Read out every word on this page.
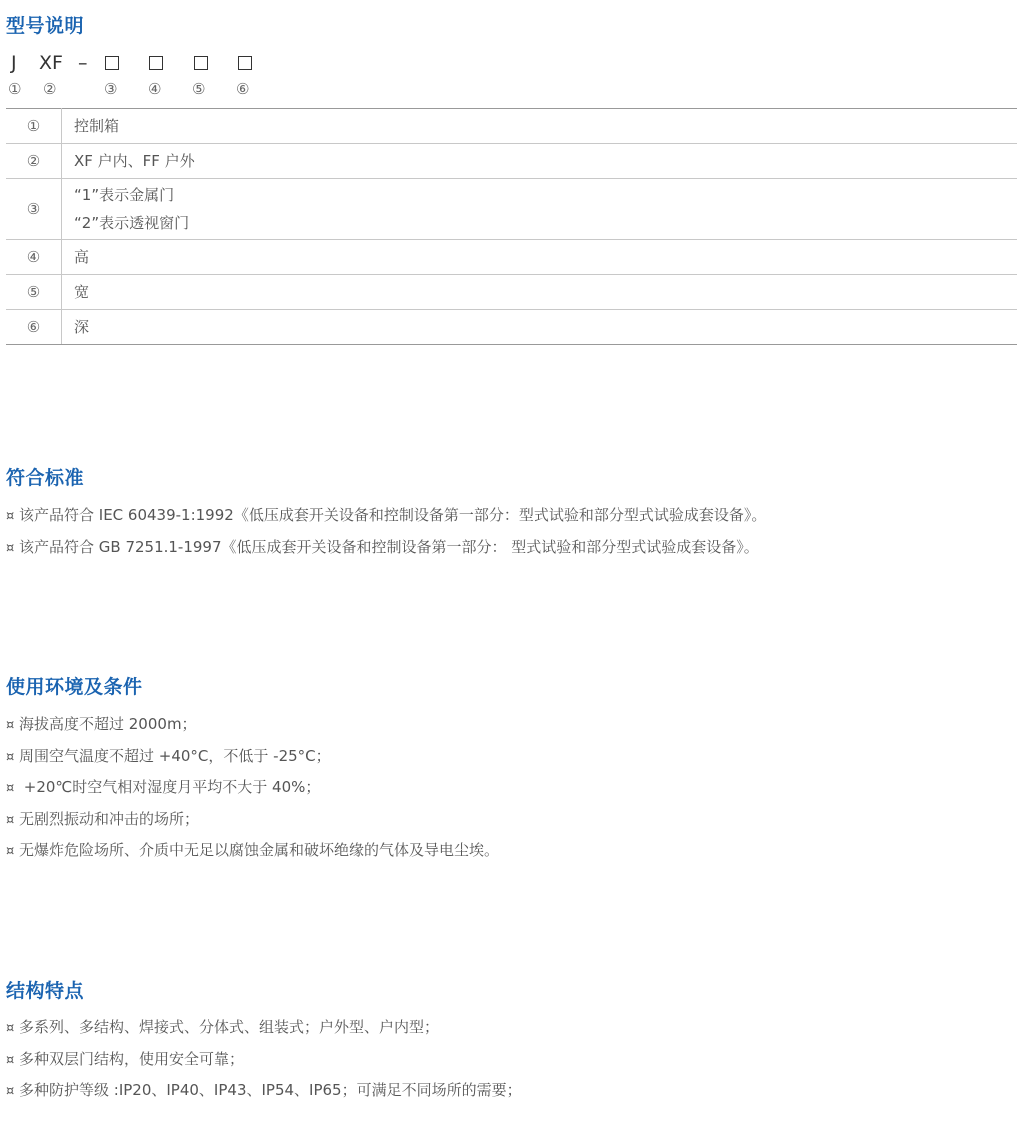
型号说明
J XF –
① ②	③ ④ ⑤ ⑥
①	控制箱
②	XF 户内、FF 户外
③	“1”表示金属门
“2”表示透视窗门

④	高
⑤	宽
⑥	深
符合标准
¤ 该产品符合 IEC 60439-1:1992《低压成套开关设备和控制设备第一部分：型式试验和部分型式试验成套设备》。
¤ 该产品符合 GB 7251.1-1997《低压成套开关设备和控制设备第一部分： 型式试验和部分型式试验成套设备》。
使用环境及条件
¤ 海拔高度不超过 2000m；
¤ 周围空气温度不超过 +40°C，不低于 -25°C；
¤ +20℃时空气相对湿度月平均不大于 40%；
¤ 无剧烈振动和冲击的场所；
¤ 无爆炸危险场所、介质中无足以腐蚀金属和破坏绝缘的气体及导电尘埃。
结构特点
¤ 多系列、多结构、焊接式、分体式、组装式；户外型、户内型；
¤ 多种双层门结构，使用安全可靠；
¤ 多种防护等级 :IP20、IP40、IP43、IP54、IP65；可满足不同场所的需要；
